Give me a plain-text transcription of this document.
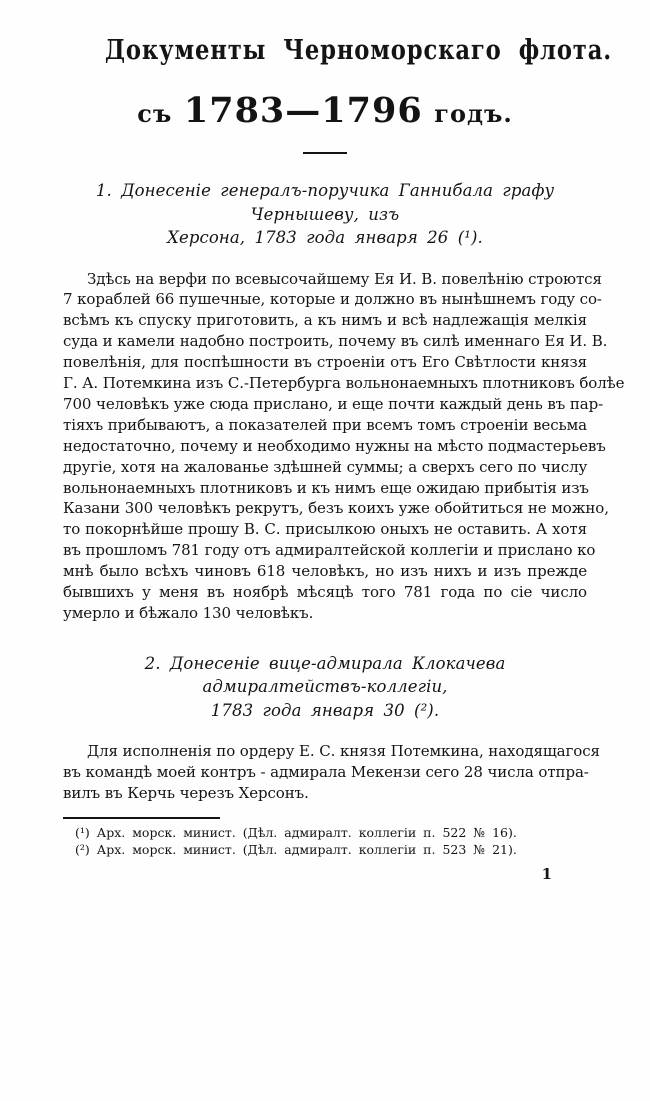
Документы Черноморскаго флота.
съ 1783—1796 годъ.
1. Донесеніе генералъ-поручика Ганнибала графу Чернышеву, изъ
Херсона, 1783 года января 26 (¹).
Здѣсь на верфи по всевысочайшему Ея И. В. повелѣнію строются
7 кораблей 66 пушечные, которые и должно въ нынѣшнемъ году со-
всѣмъ къ спуску приготовить, а къ нимъ и всѣ надлежащія мелкія
суда и камели надобно построить, почему въ силѣ именнаго Ея И. В.
повелѣнія, для поспѣшности въ строеніи отъ Его Свѣтлости князя
Г. А. Потемкина изъ С.-Петербурга вольнонаемныхъ плотниковъ болѣе
700 человѣкъ уже сюда прислано, и еще почти каждый день въ пар-
тіяхъ прибываютъ, а показателей при всемъ томъ строеніи весьма
недостаточно, почему и необходимо нужны на мѣсто подмастерьевъ
другіе, хотя на жалованье здѣшней суммы; а сверхъ сего по числу
вольнонаемныхъ плотниковъ и къ нимъ еще ожидаю прибытія изъ
Казани 300 человѣкъ рекрутъ, безъ коихъ уже обойтиться не можно,
то покорнѣйше прошу В. С. присылкою оныхъ не оставить. А хотя
въ прошломъ 781 году отъ адмиралтейской коллегіи и прислано ко
мнѣ было всѣхъ чиновъ 618 человѣкъ, но изъ нихъ и изъ прежде
бывшихъ у меня въ ноябрѣ мѣсяцѣ того 781 года по сіе число
умерло и бѣжало 130 человѣкъ.
2. Донесеніе вице-адмирала Клокачева адмиралтействъ-коллегіи,
1783 года января 30 (²).
Для исполненія по ордеру Е. С. князя Потемкина, находящагося
въ командѣ моей контръ - адмирала Мекензи сего 28 числа отпра-
вилъ въ Керчь черезъ Херсонъ.
(¹) Арх. морск. минист. (Дѣл. адмиралт. коллегіи п. 522 № 16).
(²) Арх. морск. минист. (Дѣл. адмиралт. коллегіи п. 523 № 21).
1
